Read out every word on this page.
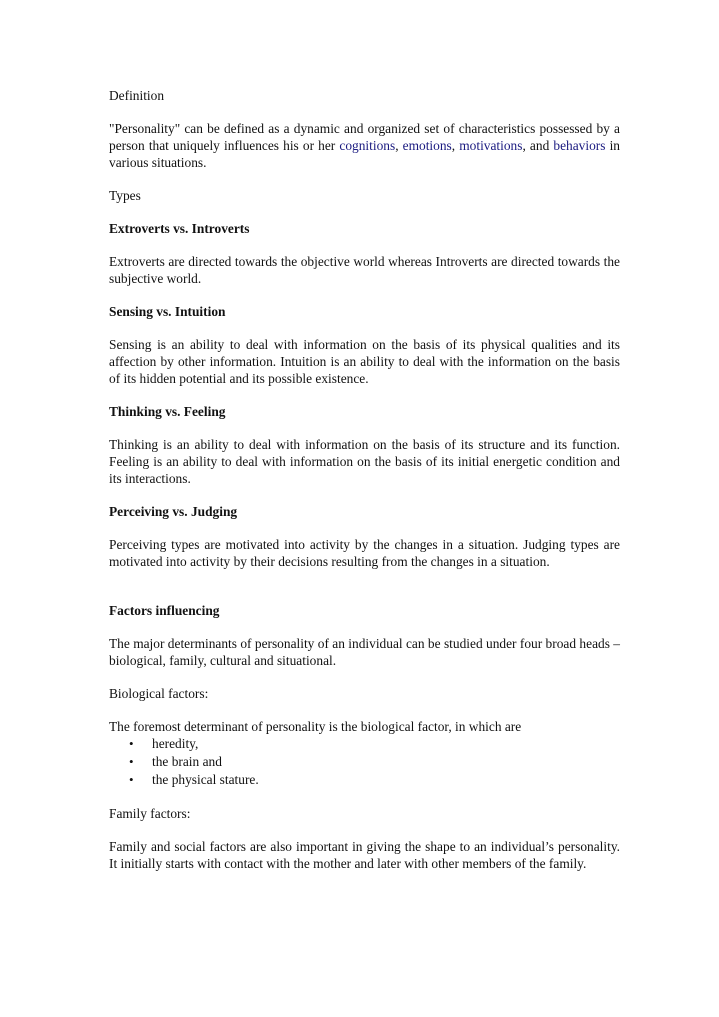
Definition

"Personality" can be defined as a dynamic and organized set of characteristics possessed by a person that uniquely influences his or her cognitions, emotions, motivations, and behaviors in various situations.

Types

Extroverts vs. Introverts

Extroverts are directed towards the objective world whereas Introverts are directed towards the subjective world.

Sensing vs. Intuition

Sensing is an ability to deal with information on the basis of its physical qualities and its affection by other information. Intuition is an ability to deal with the information on the basis of its hidden potential and its possible existence.

Thinking vs. Feeling

Thinking is an ability to deal with information on the basis of its structure and its function. Feeling is an ability to deal with information on the basis of its initial energetic condition and its interactions.

Perceiving vs. Judging

Perceiving types are motivated into activity by the changes in a situation. Judging types are motivated into activity by their decisions resulting from the changes in a situation.

Factors influencing

The major determinants of personality of an individual can be studied under four broad heads – biological, family, cultural and situational.

Biological factors:

The foremost determinant of personality is the biological factor, in which are

• heredity,
• the brain and
• the physical stature.

Family factors:

Family and social factors are also important in giving the shape to an individual’s personality. It initially starts with contact with the mother and later with other members of the family.
